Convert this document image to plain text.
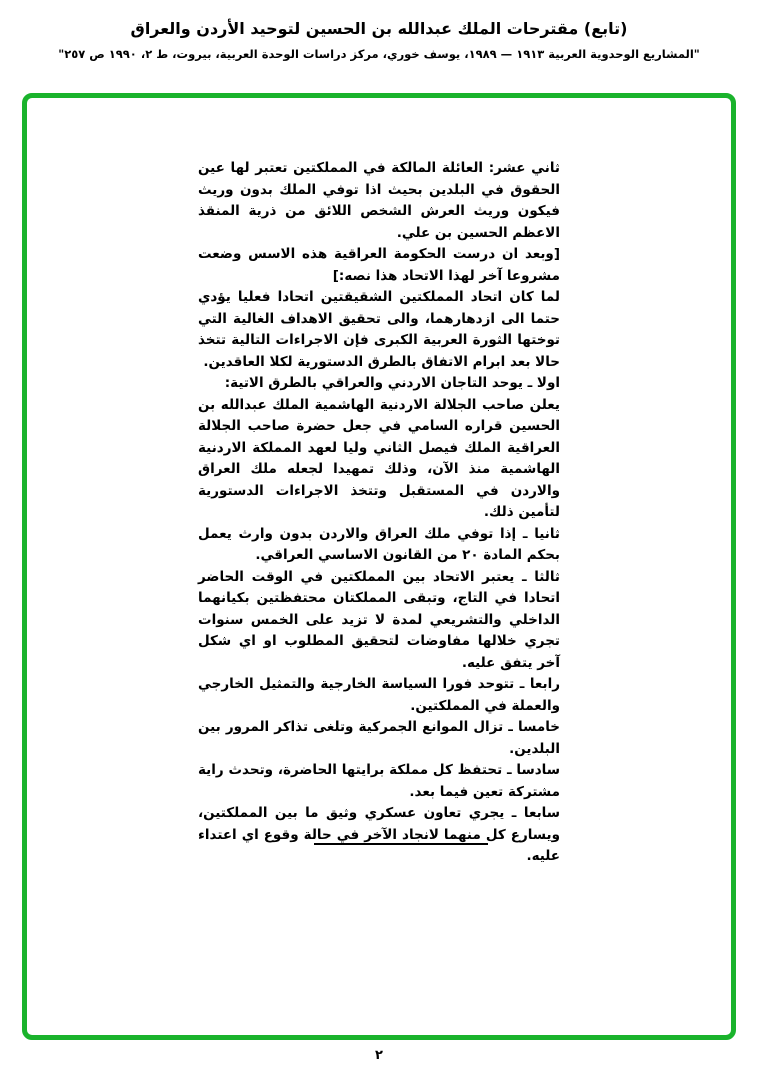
(تابع) مقترحات الملك عبدالله بن الحسين لتوحيد الأردن والعراق
"المشاريع الوحدوية العربية ١٩١٣ — ١٩٨٩، يوسف خوري، مركز دراسات الوحدة العربية، بيروت، ط ٢، ١٩٩٠ ص ٢٥٧"

ثاني عشر: العائلة المالكة في المملكتين تعتبر لها عين الحقوق في البلدين بحيث اذا توفي الملك بدون وريث فيكون وريث العرش الشخص اللائق من ذرية المنقذ الاعظم الحسين بن علي.

[وبعد ان درست الحكومة العراقية هذه الاسس وضعت مشروعا آخر لهذا الاتحاد هذا نصه:]

لما كان اتحاد المملكتين الشقيقتين اتحادا فعليا يؤدي حتما الى ازدهارهما، والى تحقيق الاهداف الغالية التي توختها الثورة العربية الكبرى فإن الاجراءات التالية تتخذ حالا بعد ابرام الاتفاق بالطرق الدستورية لكلا العاقدين.

اولا ـ يوحد التاجان الاردني والعراقي بالطرق الاتية:

يعلن صاحب الجلالة الاردنية الهاشمية الملك عبدالله بن الحسين قراره السامي في جعل حضرة صاحب الجلالة العراقية الملك فيصل الثاني وليا لعهد المملكة الاردنية الهاشمية منذ الآن، وذلك تمهيدا لجعله ملك العراق والاردن في المستقبل وتتخذ الاجراءات الدستورية لتأمين ذلك.

ثانيا ـ إذا توفي ملك العراق والاردن بدون وارث يعمل بحكم المادة ٢٠ من القانون الاساسي العراقي.

ثالثا ـ يعتبر الاتحاد بين المملكتين في الوقت الحاضر اتحادا في التاج، وتبقى المملكتان محتفظتين بكيانهما الداخلي والتشريعي لمدة لا تزيد على الخمس سنوات تجري خلالها مفاوضات لتحقيق المطلوب او اي شكل آخر يتفق عليه.

رابعا ـ تتوحد فورا السياسة الخارجية والتمثيل الخارجي والعملة في المملكتين.

خامسا ـ تزال الموانع الجمركية وتلغى تذاكر المرور بين البلدين.

سادسا ـ تحتفظ كل مملكة برايتها الحاضرة، وتحدث راية مشتركة تعين فيما بعد.

سابعا ـ يجري تعاون عسكري وثيق ما بين المملكتين، ويسارع كل منهما لانجاد الآخر في حالة وقوع اي اعتداء عليه.

٢
